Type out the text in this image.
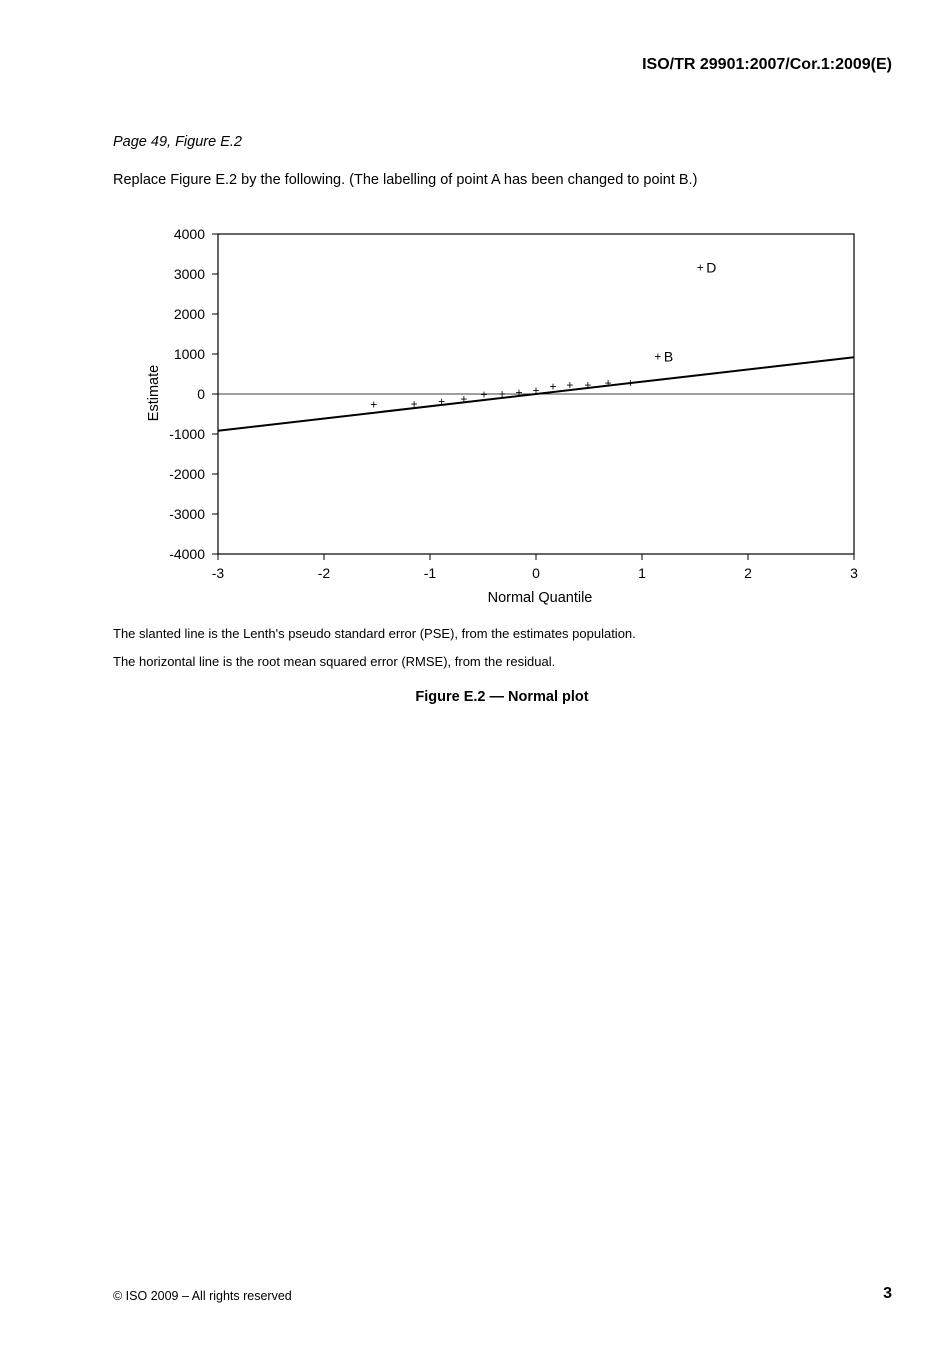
ISO/TR 29901:2007/Cor.1:2009(E)
Page 49, Figure E.2
Replace Figure E.2 by the following. (The labelling of point A has been changed to point B.)
4000
3000
2000
1000
0
-1000
-2000
-3000
-4000
-3	-2	-1	0	1	2	3
+	+ + + + + + + + + + + +
+ B
+ D
Normal Quantile
Estimate
The slanted line is the Lenth's pseudo standard error (PSE), from the estimates population.
The horizontal line is the root mean squared error (RMSE), from the residual.
Figure E.2 — Normal plot
© ISO 2009 – All rights reserved	3
